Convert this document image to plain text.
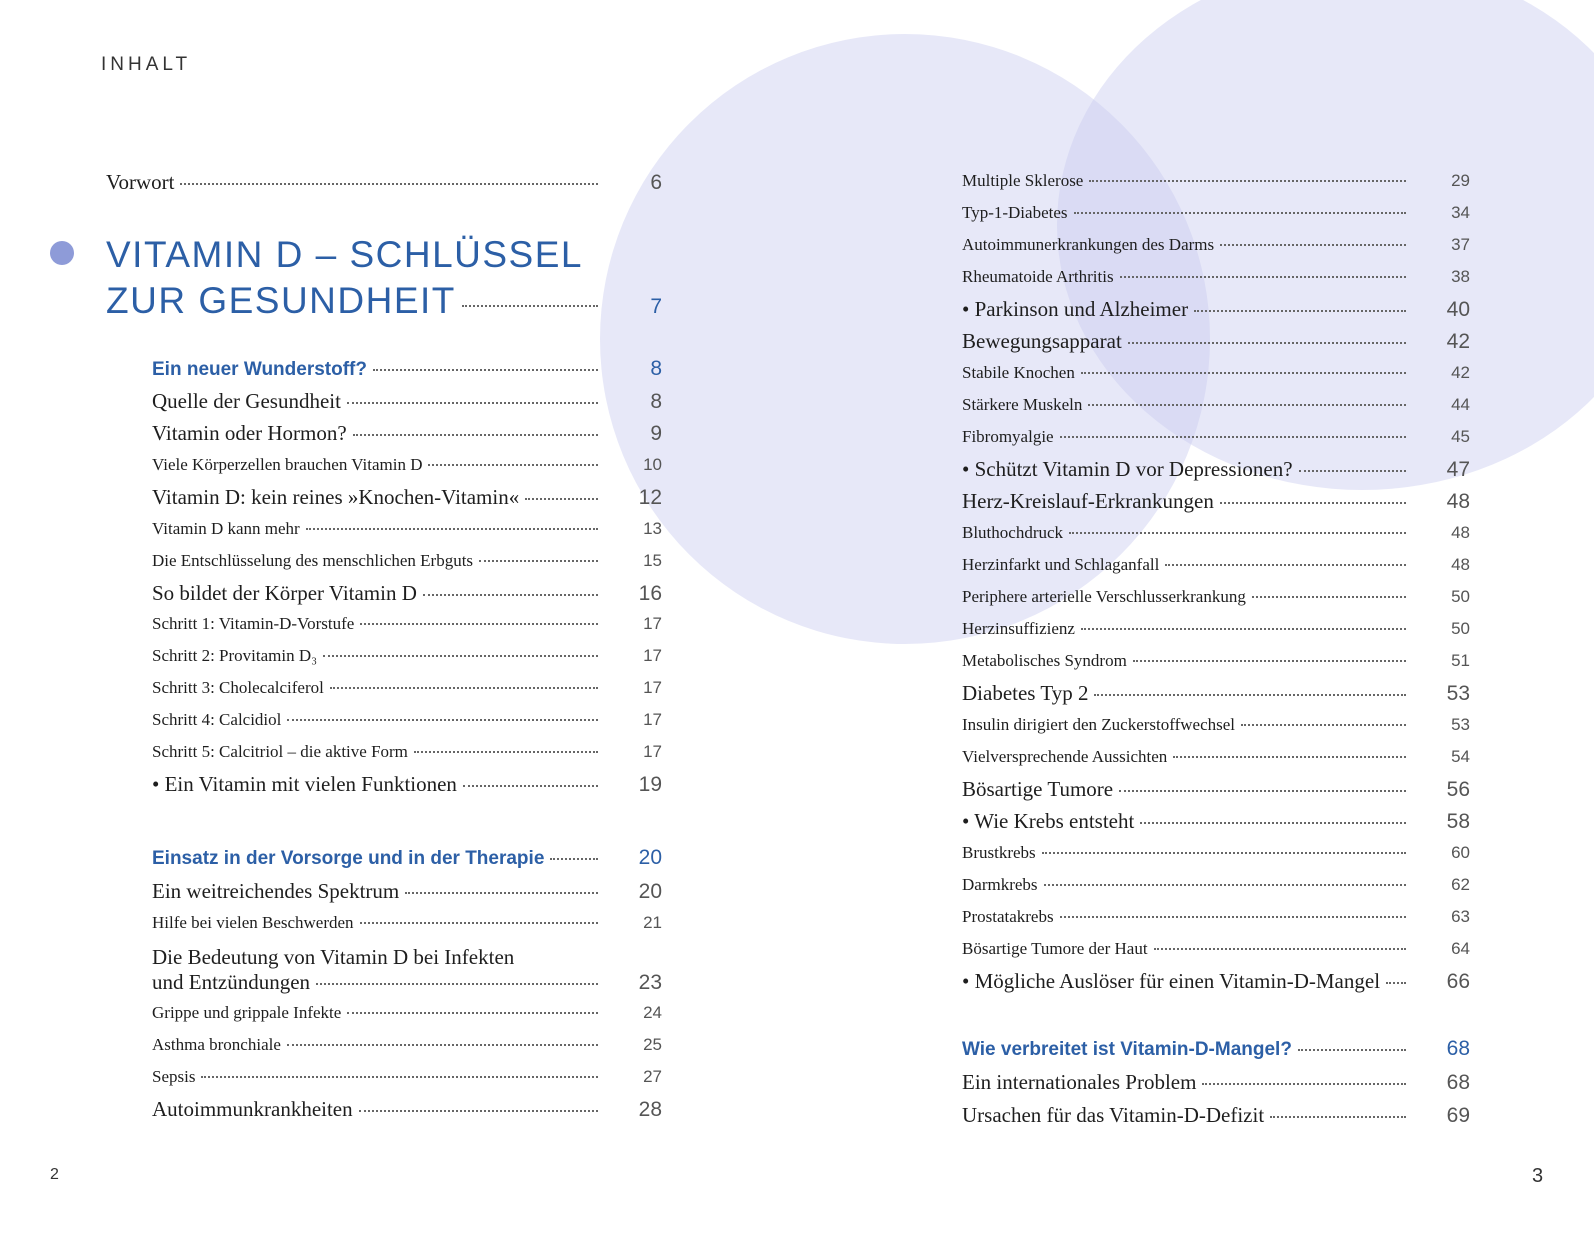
INHALT
Vorwort	6
VITAMIN D – SCHLÜSSEL
ZUR GESUNDHEIT	7
Ein neuer Wunderstoff?	8
Quelle der Gesundheit	8
Vitamin oder Hormon?	9
Viele Körperzellen brauchen Vitamin D	10
Vitamin D: kein reines »Knochen-Vitamin«	12
Vitamin D kann mehr	13
Die Entschlüsselung des menschlichen Erbguts	15
So bildet der Körper Vitamin D	16
Schritt 1: Vitamin-D-Vorstufe	17
Schritt 2: Provitamin D₃	17
Schritt 3: Cholecalciferol	17
Schritt 4: Calcidiol	17
Schritt 5: Calcitriol – die aktive Form	17
• Ein Vitamin mit vielen Funktionen	19
Einsatz in der Vorsorge und in der Therapie	20
Ein weitreichendes Spektrum	20
Hilfe bei vielen Beschwerden	21
Die Bedeutung von Vitamin D bei Infekten
und Entzündungen	23
Grippe und grippale Infekte	24
Asthma bronchiale	25
Sepsis	27
Autoimmunkrankheiten	28
Multiple Sklerose	29
Typ-1-Diabetes	34
Autoimmunerkrankungen des Darms	37
Rheumatoide Arthritis	38
• Parkinson und Alzheimer	40
Bewegungsapparat	42
Stabile Knochen	42
Stärkere Muskeln	44
Fibromyalgie	45
• Schützt Vitamin D vor Depressionen?	47
Herz-Kreislauf-Erkrankungen	48
Bluthochdruck	48
Herzinfarkt und Schlaganfall	48
Periphere arterielle Verschlusserkrankung	50
Herzinsuffizienz	50
Metabolisches Syndrom	51
Diabetes Typ 2	53
Insulin dirigiert den Zuckerstoffwechsel	53
Vielversprechende Aussichten	54
Bösartige Tumore	56
• Wie Krebs entsteht	58
Brustkrebs	60
Darmkrebs	62
Prostatakrebs	63
Bösartige Tumore der Haut	64
• Mögliche Auslöser für einen Vitamin-D-Mangel	66
Wie verbreitet ist Vitamin-D-Mangel?	68
Ein internationales Problem	68
Ursachen für das Vitamin-D-Defizit	69
2	3
